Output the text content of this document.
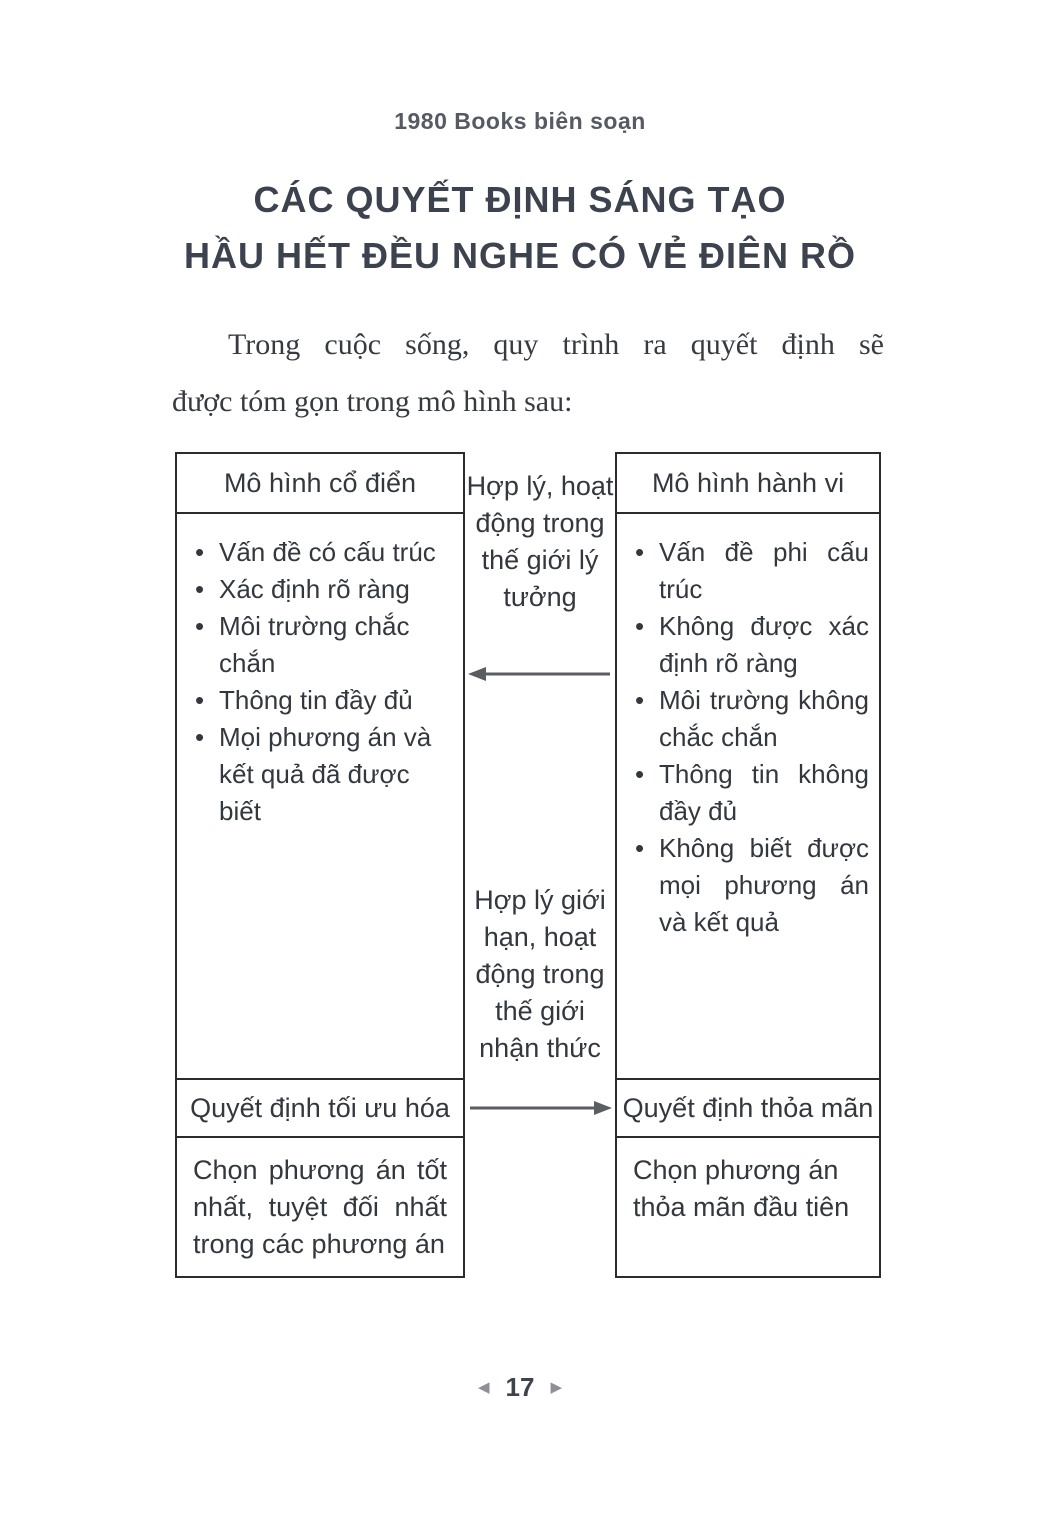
1980 Books biên soạn
CÁC QUYẾT ĐỊNH SÁNG TẠO
HẦU HẾT ĐỀU NGHE CÓ VẺ ĐIÊN RỒ
Trong cuộc sống, quy trình ra quyết định sẽ
được tóm gọn trong mô hình sau:
Mô hình cổ điển
• Vấn đề có cấu trúc
• Xác định rõ ràng
• Môi trường chắc chắn
• Thông tin đầy đủ
• Mọi phương án và kết quả đã được biết
Quyết định tối ưu hóa
Chọn phương án tốt nhất, tuyệt đối nhất trong các phương án
Hợp lý, hoạt động trong thế giới lý tưởng
Hợp lý giới hạn, hoạt động trong thế giới nhận thức
Mô hình hành vi
• Vấn đề phi cấu trúc
• Không được xác định rõ ràng
• Môi trường không chắc chắn
• Thông tin không đầy đủ
• Không biết được mọi phương án và kết quả
Quyết định thỏa mãn
Chọn phương án thỏa mãn đầu tiên
◀ 17 ▶
